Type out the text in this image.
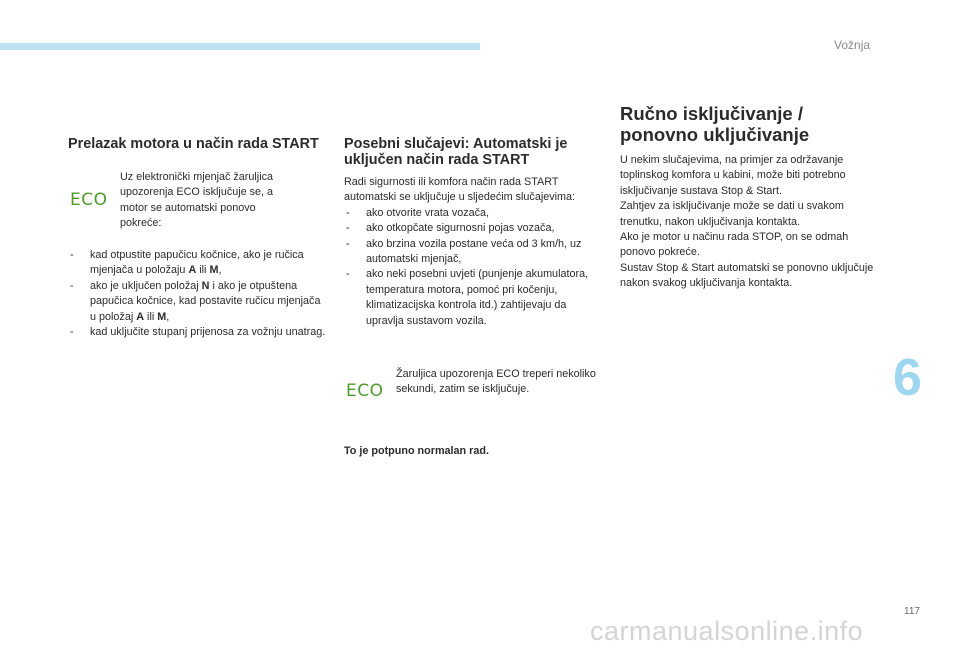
Vožnja
6
117
carmanualsonline.info
Prelazak motora u način rada START
ECO

Uz elektronički mjenjač žaruljica upozorenja ECO isključuje se, a motor se automatski ponovo pokreće:

- kad otpustite papučicu kočnice, ako je ručica mjenjača u položaju A ili M,
- ako je uključen položaj N i ako je otpuštena papučica kočnice, kad postavite ručicu mjenjača u položaj A ili M,
- kad uključite stupanj prijenosa za vožnju unatrag.
Posebni slučajevi: Automatski je uključen način rada START

Radi sigurnosti ili komfora način rada START automatski se uključuje u sljedećim slučajevima:

- ako otvorite vrata vozača,
- ako otkopčate sigurnosni pojas vozača,
- ako brzina vozila postane veća od 3 km/h, uz automatski mjenjač,
- ako neki posebni uvjeti (punjenje akumulatora, temperatura motora, pomoć pri kočenju, klimatizacijska kontrola itd.) zahtijevaju da upravlja sustavom vozila.
ECO

Žaruljica upozorenja ECO treperi nekoliko sekundi, zatim se isključuje.

To je potpuno normalan rad.

Ručno isključivanje / ponovno uključivanje

U nekim slučajevima, na primjer za održavanje toplinskog komfora u kabini, može biti potrebno isključivanje sustava Stop & Start.

Zahtjev za isključivanje može se dati u svakom trenutku, nakon uključivanja kontakta.

Ako je motor u načinu rada STOP, on se odmah ponovo pokreće.

Sustav Stop & Start automatski se ponovno uključuje nakon svakog uključivanja kontakta.
